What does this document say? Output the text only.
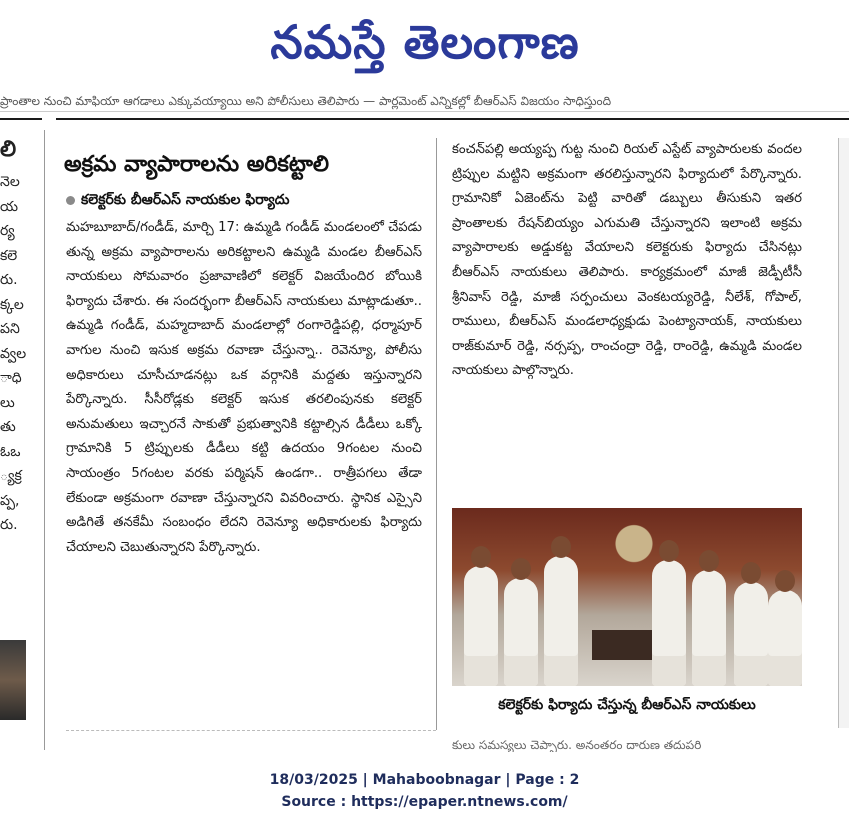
నమస్తే తెలంగాణ
ప్రాంతాల నుంచి మాఫియా ఆగడాలు ఎక్కువయ్యాయి అని పోలీసులు తెలిపారు — పార్లమెంట్ ఎన్నికల్లో బీఆర్ఎస్ విజయం సాధిస్తుంది
లి
నెల
య
ర్య
కలె
రు.
క్కల
పని
వ్వల
ాధి
లు
తు
ఓఒ
్యక్ర
ప్ప,
రు.
అక్రమ వ్యాపారాలను అరికట్టాలి
కలెక్టర్‌కు బీఆర్ఎస్ నాయకుల ఫిర్యాదు

మహబూబాద్/గండీడ్, మార్చి 17: ఉమ్మడి గండీడ్ మండలంలో చేపడు తున్న అక్రమ వ్యాపారాలను అరికట్టాలని ఉమ్మడి మండల బీఆర్ఎస్ నాయకులు సోమవారం ప్రజావాణిలో కలెక్టర్ విజయేందిర బోయికి ఫిర్యాదు చేశారు. ఈ సందర్భంగా బీఆర్ఎస్ నాయకులు మాట్లాడుతూ.. ఉమ్మడి గండీడ్, మహ్మదాబాద్ మండలాల్లో రంగారెడ్డిపల్లి, ధర్మాపూర్ వాగుల నుంచి ఇసుక అక్రమ రవాణా చేస్తున్నా.. రెవెన్యూ, పోలీసు అధికారులు చూసీచూడనట్లు ఒక వర్గానికి మద్దతు ఇస్తున్నారని పేర్కొన్నారు. సీసీరోడ్లకు కలెక్టర్ ఇసుక తరలింపునకు కలెక్టర్ అనుమతులు ఇచ్చారనే సాకుతో ప్రభుత్వానికి కట్టాల్సిన డీడీలు ఒక్కో గ్రామానికి 5 ట్రిప్పులకు డీడీలు కట్టి ఉదయం 9గంటల నుంచి సాయంత్రం 5గంటల వరకు పర్మిషన్ ఉండగా.. రాత్రీపగలు తేడా లేకుండా అక్రమంగా రవాణా చేస్తున్నారని వివరించారు. స్థానిక ఎస్సైని అడిగితే తనకేమీ సంబంధం లేదని రెవెన్యూ అధికారులకు ఫిర్యాదు చేయాలని చెబుతున్నారని పేర్కొన్నారు.

కంచన్‌పల్లి అయ్యప్ప గుట్ట నుంచి రియల్ ఎస్టేట్ వ్యాపారులకు వందల ట్రిప్పుల మట్టిని అక్రమంగా తరలిస్తున్నారని ఫిర్యాదులో పేర్కొన్నారు. గ్రామానికో ఏజెంట్‌ను పెట్టి వారితో డబ్బులు తీసుకుని ఇతర ప్రాంతాలకు రేషన్‌బియ్యం ఎగుమతి చేస్తున్నారని ఇలాంటి అక్రమ వ్యాపారాలకు అడ్డుకట్ట వేయాలని కలెక్టరుకు ఫిర్యాదు చేసినట్లు బీఆర్ఎస్ నాయకులు తెలిపారు. కార్యక్రమంలో మాజీ జెడ్పీటీసీ శ్రీనివాస్ రెడ్డి, మాజీ సర్పంచులు వెంకటయ్యరెడ్డి, నీలేశ్, గోపాల్, రాములు, బీఆర్ఎస్ మండలాధ్యక్షుడు పెంట్యానాయక్, నాయకులు రాజ్‌కుమార్ రెడ్డి, నర్సప్ప, రాంచంద్రా రెడ్డి, రాంరెడ్డి, ఉమ్మడి మండల నాయకులు పాల్గొన్నారు.

కలెక్టర్‌కు ఫిర్యాదు చేస్తున్న బీఆర్ఎస్ నాయకులు
కులు సమస్యలు చెప్పారు. అనంతరం దారుణ తదుపరి
18/03/2025 | Mahaboobnagar | Page : 2
Source : https://epaper.ntnews.com/
